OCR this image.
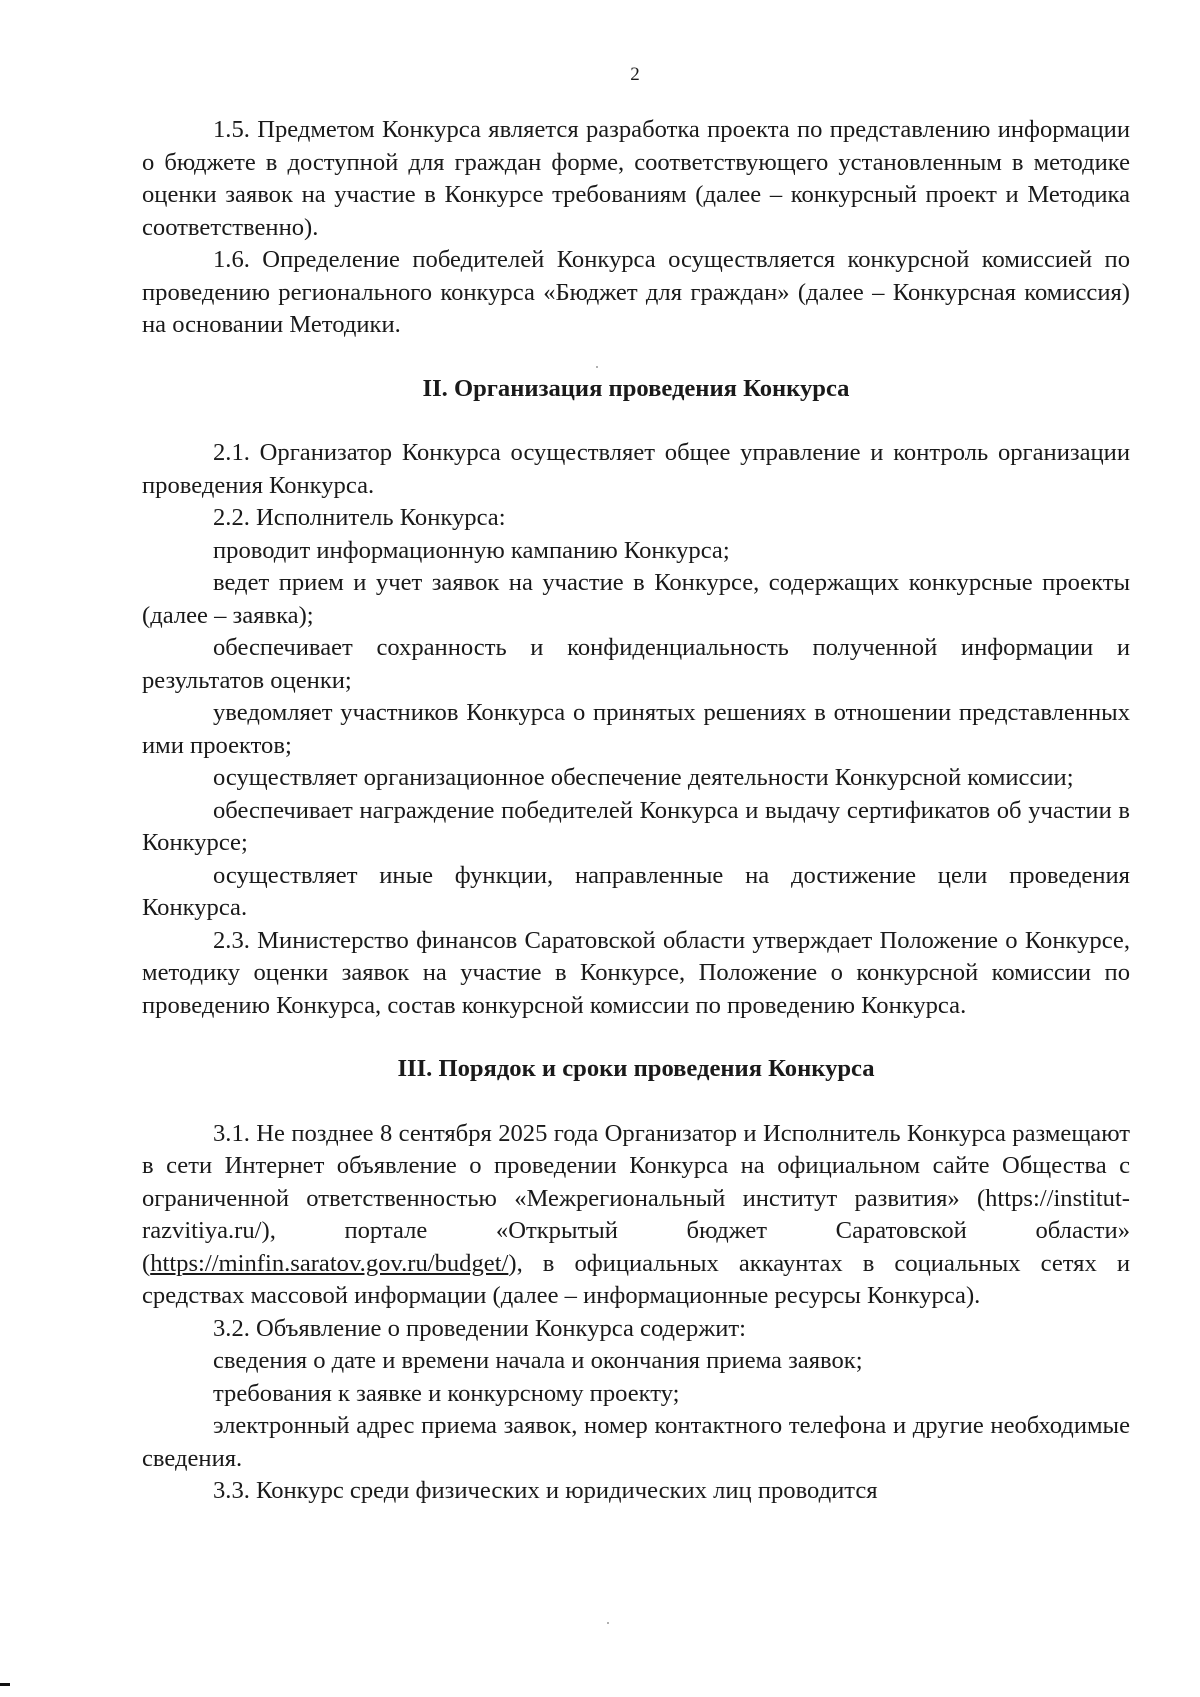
2

1.5. Предметом Конкурса является разработка проекта по представлению информации о бюджете в доступной для граждан форме, соответствующего установленным в методике оценки заявок на участие в Конкурсе требованиям (далее – конкурсный проект и Методика соответственно).

1.6. Определение победителей Конкурса осуществляется конкурсной комиссией по проведению регионального конкурса «Бюджет для граждан» (далее – Конкурсная комиссия) на основании Методики.

II. Организация проведения Конкурса

2.1. Организатор Конкурса осуществляет общее управление и контроль организации проведения Конкурса.

2.2. Исполнитель Конкурса:

проводит информационную кампанию Конкурса;

ведет прием и учет заявок на участие в Конкурсе, содержащих конкурсные проекты (далее – заявка);

обеспечивает сохранность и конфиденциальность полученной информации и результатов оценки;

уведомляет участников Конкурса о принятых решениях в отношении представленных ими проектов;

осуществляет организационное обеспечение деятельности Конкурсной комиссии;

обеспечивает награждение победителей Конкурса и выдачу сертификатов об участии в Конкурсе;

осуществляет иные функции, направленные на достижение цели проведения Конкурса.

2.3. Министерство финансов Саратовской области утверждает Положение о Конкурсе, методику оценки заявок на участие в Конкурсе, Положение о конкурсной комиссии по проведению Конкурса, состав конкурсной комиссии по проведению Конкурса.

III. Порядок и сроки проведения Конкурса

3.1. Не позднее 8 сентября 2025 года Организатор и Исполнитель Конкурса размещают в сети Интернет объявление о проведении Конкурса на официальном сайте Общества с ограниченной ответственностью «Межрегиональный институт развития» (https://institut-razvitiya.ru/), портале «Открытый бюджет Саратовской области» (https://minfin.saratov.gov.ru/budget/), в официальных аккаунтах в социальных сетях и средствах массовой информации (далее – информационные ресурсы Конкурса).

3.2. Объявление о проведении Конкурса содержит:

сведения о дате и времени начала и окончания приема заявок;

требования к заявке и конкурсному проекту;

электронный адрес приема заявок, номер контактного телефона и другие необходимые сведения.

3.3. Конкурс среди физических и юридических лиц проводится
